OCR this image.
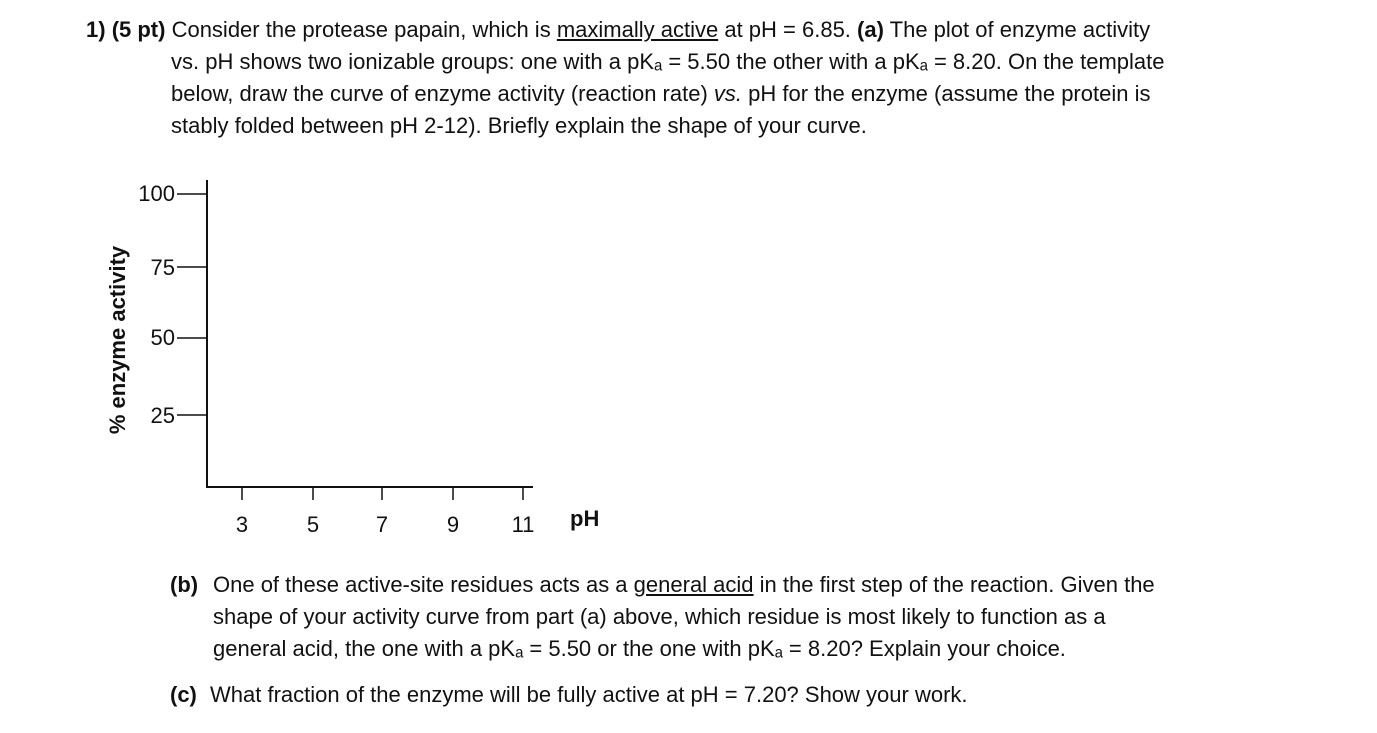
1) (5 pt) Consider the protease papain, which is maximally active at pH = 6.85. (a) The plot of enzyme activity
vs. pH shows two ionizable groups: one with a pKₐ = 5.50 the other with a pKₐ = 8.20. On the template
below, draw the curve of enzyme activity (reaction rate) vs. pH for the enzyme (assume the protein is
stably folded between pH 2-12). Briefly explain the shape of your curve.
% enzyme activity
100
75
50
25
3	5	7	9	11	pH
(b) One of these active-site residues acts as a general acid in the first step of the reaction. Given the
shape of your activity curve from part (a) above, which residue is most likely to function as a
general acid, the one with a pKₐ = 5.50 or the one with pKₐ = 8.20? Explain your choice.
(c) What fraction of the enzyme will be fully active at pH = 7.20? Show your work.
